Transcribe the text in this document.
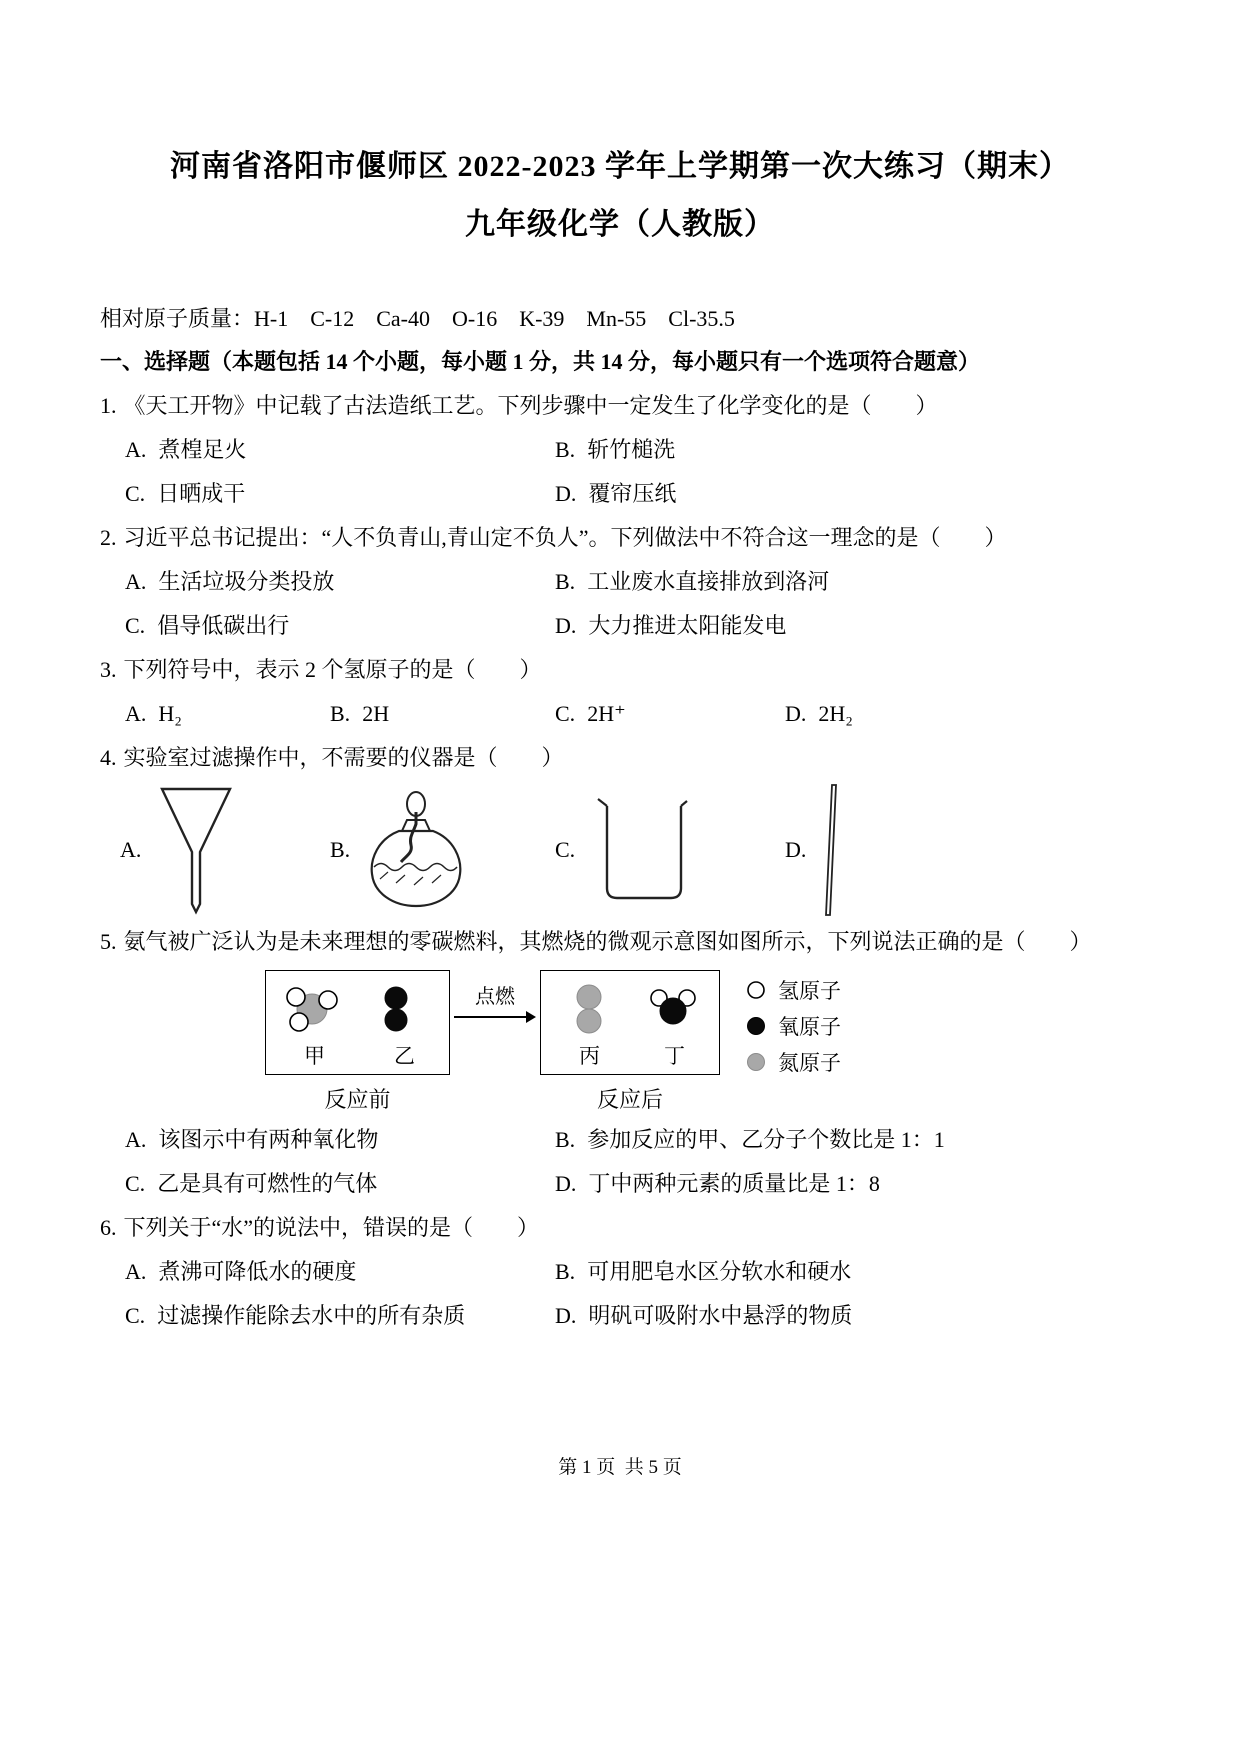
河南省洛阳市偃师区 2022-2023 学年上学期第一次大练习（期末）
九年级化学（人教版）
相对原子质量：H-1    C-12    Ca-40    O-16    K-39    Mn-55    Cl-35.5
一、选择题（本题包括 14 个小题，每小题 1 分，共 14 分，每小题只有一个选项符合题意）
1. 《天工开物》中记载了古法造纸工艺。下列步骤中一定发生了化学变化的是（　　）
A. 煮楻足火	B. 斩竹槌洗
C. 日晒成干	D. 覆帘压纸
2. 习近平总书记提出：“人不负青山,青山定不负人”。下列做法中不符合这一理念的是（　　）
A. 生活垃圾分类投放	B. 工业废水直接排放到洛河
C. 倡导低碳出行	D. 大力推进太阳能发电
3. 下列符号中，表示 2 个氢原子的是（　　）
A. H₂	B. 2H	C. 2H⁺	D. 2H₂
4. 实验室过滤操作中，不需要的仪器是（　　）
A.	B.	C.	D.
5. 氨气被广泛认为是未来理想的零碳燃料，其燃烧的微观示意图如图所示，下列说法正确的是（　　）
甲	乙
点燃
丙	丁
氢原子
氧原子
氮原子
反应前	反应后
A. 该图示中有两种氧化物	B. 参加反应的甲、乙分子个数比是 1：1
C. 乙是具有可燃性的气体	D. 丁中两种元素的质量比是 1：8
6. 下列关于“水”的说法中，错误的是（　　）
A. 煮沸可降低水的硬度	B. 可用肥皂水区分软水和硬水
C. 过滤操作能除去水中的所有杂质	D. 明矾可吸附水中悬浮的物质
第 1 页  共 5 页
